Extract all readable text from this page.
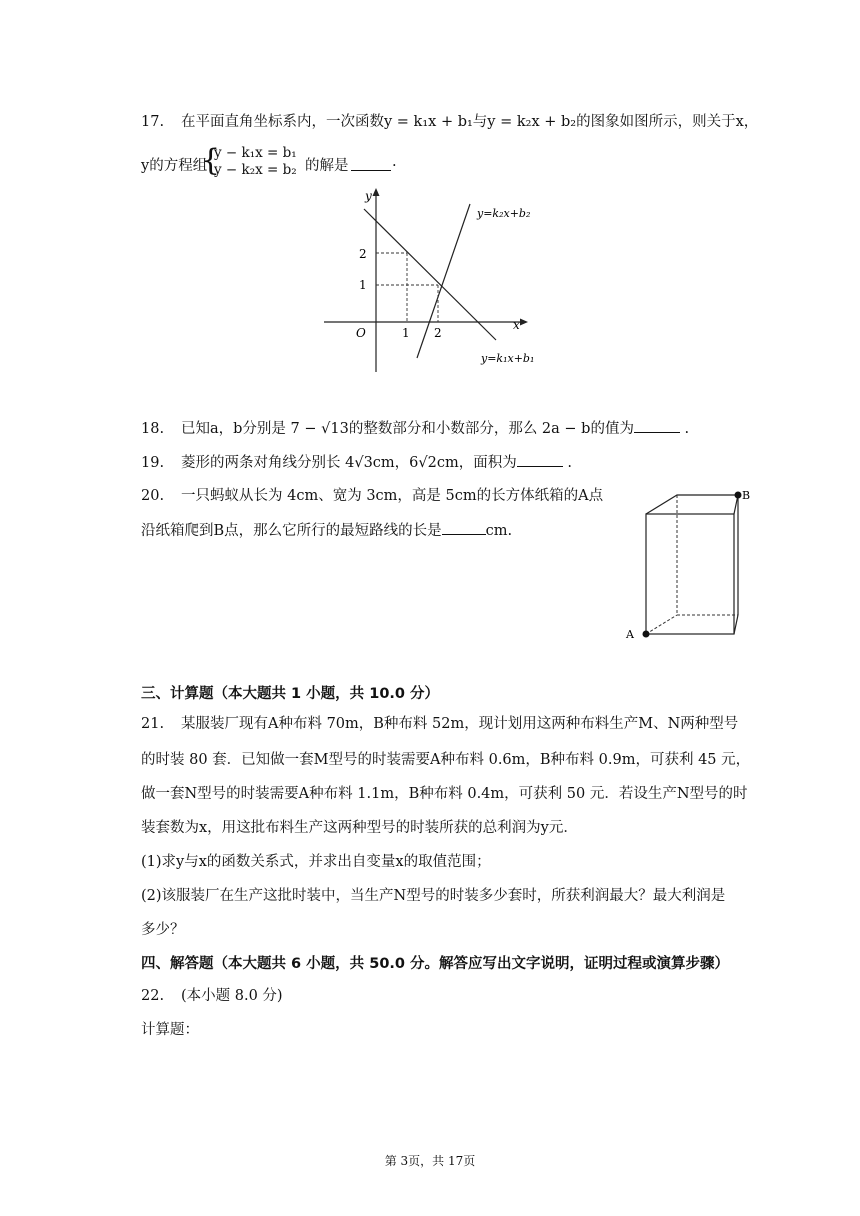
17. 在平面直角坐标系内，一次函数y = k₁x + b₁与y = k₂x + b₂的图象如图所示，则关于x，
y的方程组
{
y − k₁x = b₁
y − k₂x = b₂ 的解是	.
y
x
O	1 2
1
2
y=k₂x+b₂
y=k₁x+b₁
18. 已知a，b分别是 7 − √13的整数部分和小数部分，那么 2a − b的值为	.
19. 菱形的两条对角线分别长 4√3cm，6√2cm，面积为	.
20. 一只蚂蚁从长为 4cm、宽为 3cm，高是 5cm的长方体纸箱的A点
沿纸箱爬到B点，那么它所行的最短路线的长是	cm.
B
A
三、计算题（本大题共 1 小题，共 10.0 分）
21. 某服装厂现有A种布料 70m，B种布料 52m，现计划用这两种布料生产M、N两种型号
的时装 80 套．已知做一套M型号的时装需要A种布料 0.6m，B种布料 0.9m，可获利 45 元，
做一套N型号的时装需要A种布料 1.1m，B种布料 0.4m，可获利 50 元．若设生产N型号的时
装套数为x，用这批布料生产这两种型号的时装所获的总利润为y元．
(1)求y与x的函数关系式，并求出自变量x的取值范围；
(2)该服装厂在生产这批时装中，当生产N型号的时装多少套时，所获利润最大？最大利润是
多少？
四、解答题（本大题共 6 小题，共 50.0 分。解答应写出文字说明，证明过程或演算步骤）
22. (本小题 8.0 分)
计算题：
第 3页，共 17页
